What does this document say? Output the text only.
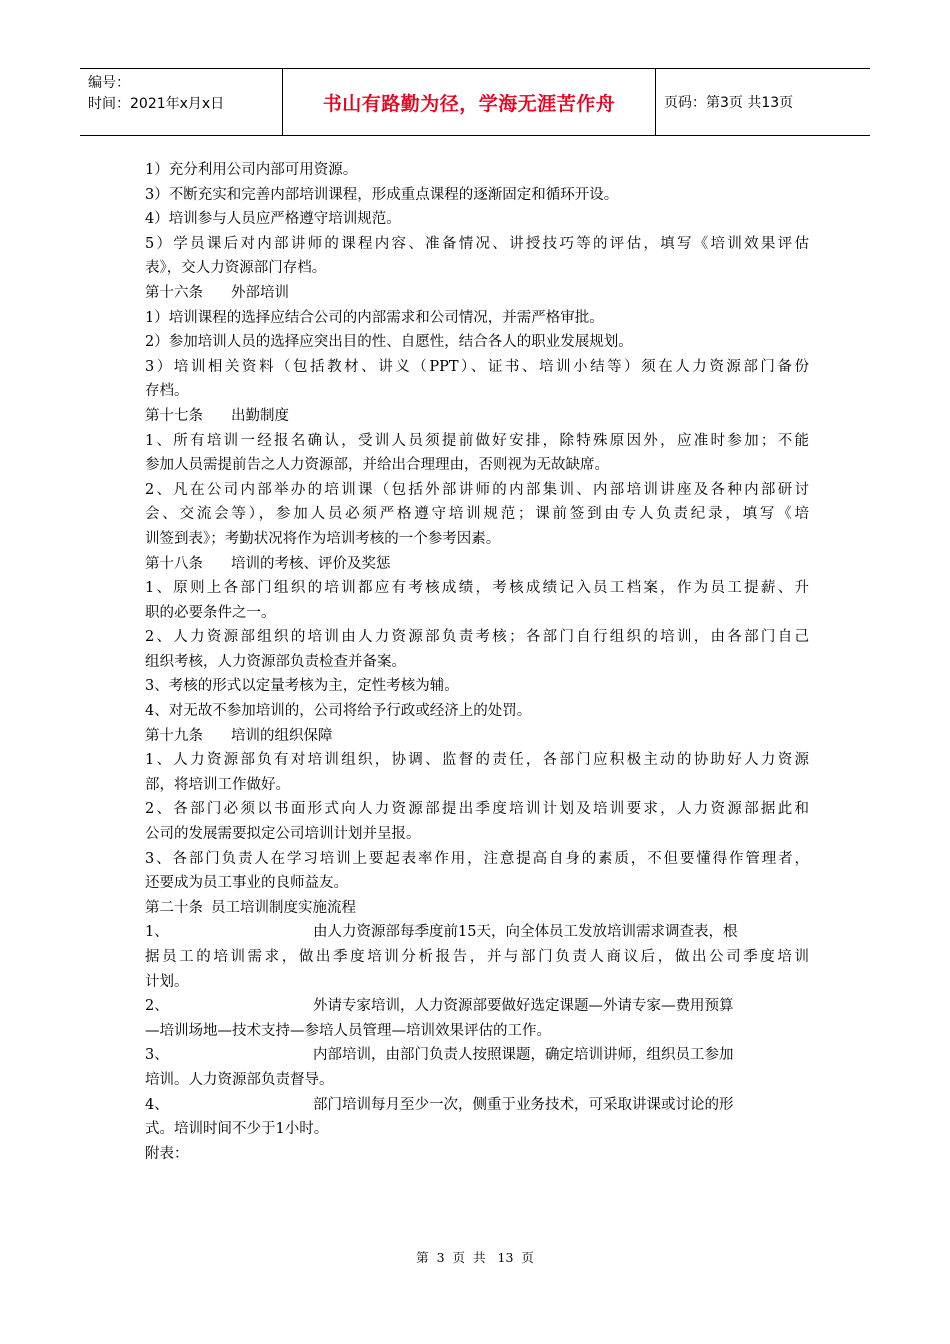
编号：
时间：2021年x月x日	书山有路勤为径，学海无涯苦作舟	页码：第3页 共13页
1）充分利用公司内部可用资源。
3）不断充实和完善内部培训课程，形成重点课程的逐渐固定和循环开设。
4）培训参与人员应严格遵守培训规范。
5）学员课后对内部讲师的课程内容、准备情况、讲授技巧等的评估，填写《培训效果评估
表》，交人力资源部门存档。
第十六条 外部培训
1）培训课程的选择应结合公司的内部需求和公司情况，并需严格审批。
2）参加培训人员的选择应突出目的性、自愿性，结合各人的职业发展规划。
3）培训相关资料（包括教材、讲义（PPT）、证书、培训小结等）须在人力资源部门备份
存档。
第十七条 出勤制度
1、所有培训一经报名确认，受训人员须提前做好安排，除特殊原因外，应准时参加；不能
参加人员需提前告之人力资源部，并给出合理理由，否则视为无故缺席。
2、凡在公司内部举办的培训课（包括外部讲师的内部集训、内部培训讲座及各种内部研讨
会、交流会等），参加人员必须严格遵守培训规范；课前签到由专人负责纪录，填写《培
训签到表》；考勤状况将作为培训考核的一个参考因素。
第十八条 培训的考核、评价及奖惩
1、原则上各部门组织的培训都应有考核成绩，考核成绩记入员工档案，作为员工提薪、升
职的必要条件之一。
2、人力资源部组织的培训由人力资源部负责考核；各部门自行组织的培训，由各部门自己
组织考核，人力资源部负责检查并备案。
3、考核的形式以定量考核为主，定性考核为辅。
4、对无故不参加培训的，公司将给予行政或经济上的处罚。
第十九条 培训的组织保障
1、人力资源部负有对培训组织，协调、监督的责任，各部门应积极主动的协助好人力资源
部，将培训工作做好。
2、各部门必须以书面形式向人力资源部提出季度培训计划及培训要求，人力资源部据此和
公司的发展需要拟定公司培训计划并呈报。
3、各部门负责人在学习培训上要起表率作用，注意提高自身的素质，不但要懂得作管理者，
还要成为员工事业的良师益友。
第二十条 员工培训制度实施流程
1、	由人力资源部每季度前15天，向全体员工发放培训需求调查表，根
据员工的培训需求，做出季度培训分析报告，并与部门负责人商议后，做出公司季度培训
计划。
2、	外请专家培训，人力资源部要做好选定课题—外请专家—费用预算
—培训场地—技术支持—参培人员管理—培训效果评估的工作。
3、	内部培训，由部门负责人按照课题，确定培训讲师，组织员工参加
培训。人力资源部负责督导。
4、	部门培训每月至少一次，侧重于业务技术，可采取讲课或讨论的形
式。培训时间不少于1小时。
附表：
第 3 页 共 13 页
